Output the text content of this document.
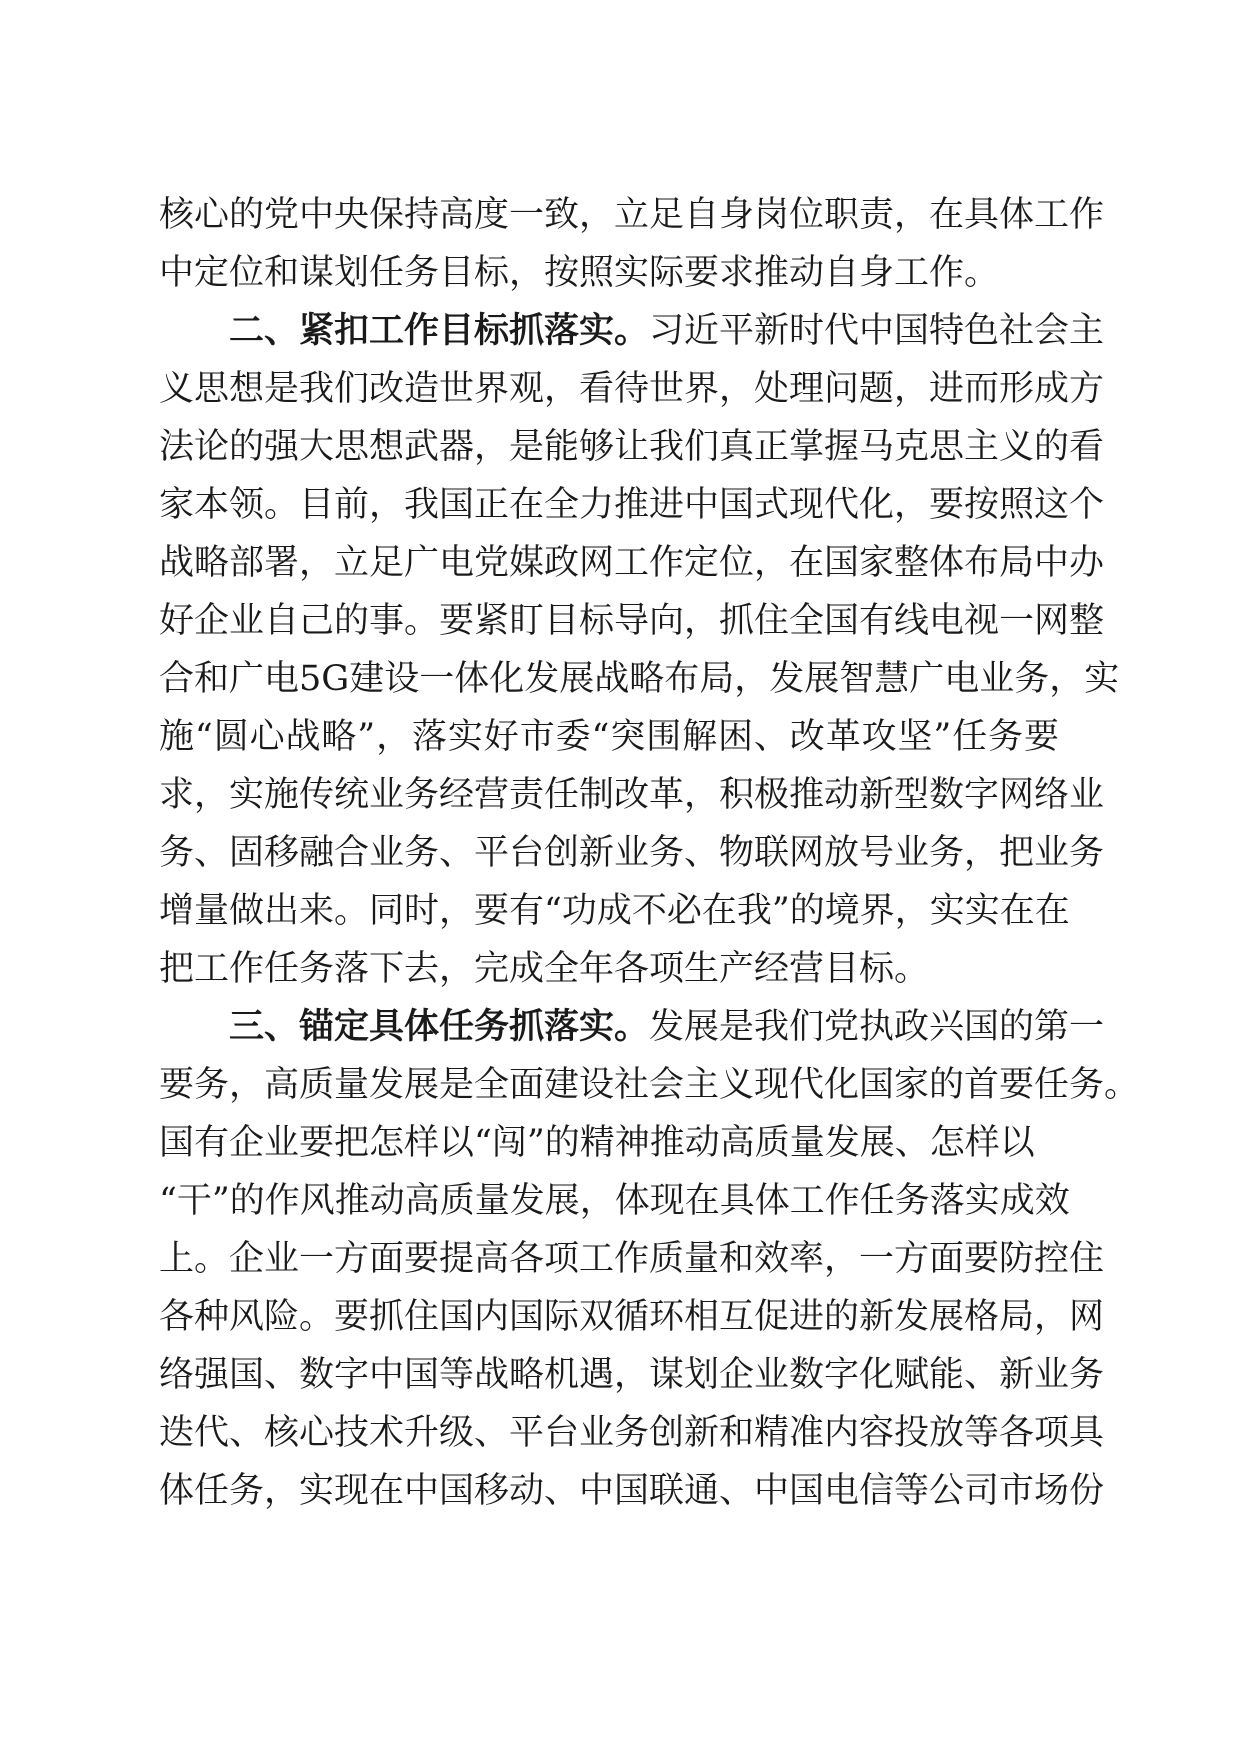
核心的党中央保持高度一致，立足自身岗位职责，在具体工作
中定位和谋划任务目标，按照实际要求推动自身工作。
二、紧扣工作目标抓落实。习近平新时代中国特色社会主
义思想是我们改造世界观，看待世界，处理问题，进而形成方
法论的强大思想武器，是能够让我们真正掌握马克思主义的看
家本领。目前，我国正在全力推进中国式现代化，要按照这个
战略部署，立足广电党媒政网工作定位，在国家整体布局中办
好企业自己的事。要紧盯目标导向，抓住全国有线电视一网整
合和广电5G建设一体化发展战略布局，发展智慧广电业务，实
施“圆心战略”，落实好市委“突围解困、改革攻坚”任务要
求，实施传统业务经营责任制改革，积极推动新型数字网络业
务、固移融合业务、平台创新业务、物联网放号业务，把业务
增量做出来。同时，要有“功成不必在我”的境界，实实在在
把工作任务落下去，完成全年各项生产经营目标。
三、锚定具体任务抓落实。发展是我们党执政兴国的第一
要务，高质量发展是全面建设社会主义现代化国家的首要任务。
国有企业要把怎样以“闯”的精神推动高质量发展、怎样以
“干”的作风推动高质量发展，体现在具体工作任务落实成效
上。企业一方面要提高各项工作质量和效率，一方面要防控住
各种风险。要抓住国内国际双循环相互促进的新发展格局，网
络强国、数字中国等战略机遇，谋划企业数字化赋能、新业务
迭代、核心技术升级、平台业务创新和精准内容投放等各项具
体任务，实现在中国移动、中国联通、中国电信等公司市场份
